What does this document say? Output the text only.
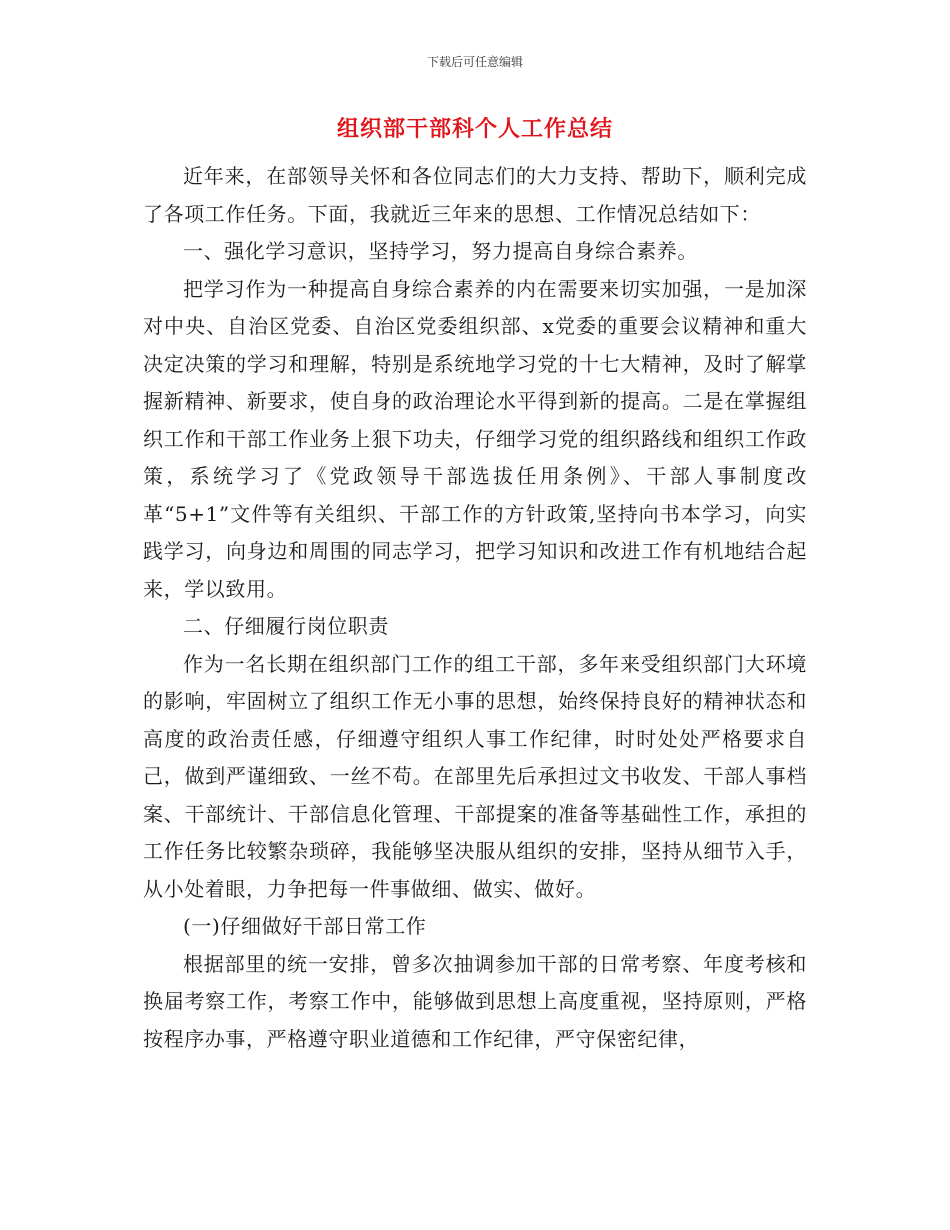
下载后可任意编辑
组织部干部科个人工作总结

近年来，在部领导关怀和各位同志们的大力支持、帮助下，顺利完成了各项工作任务。下面，我就近三年来的思想、工作情况总结如下：

一、强化学习意识，坚持学习，努力提高自身综合素养。

把学习作为一种提高自身综合素养的内在需要来切实加强，一是加深对中央、自治区党委、自治区党委组织部、x党委的重要会议精神和重大决定决策的学习和理解，特别是系统地学习党的十七大精神，及时了解掌握新精神、新要求，使自身的政治理论水平得到新的提高。二是在掌握组织工作和干部工作业务上狠下功夫，仔细学习党的组织路线和组织工作政策，系统学习了《党政领导干部选拔任用条例》、干部人事制度改革“5+1”文件等有关组织、干部工作的方针政策,坚持向书本学习，向实践学习，向身边和周围的同志学习，把学习知识和改进工作有机地结合起来，学以致用。

二、仔细履行岗位职责

作为一名长期在组织部门工作的组工干部，多年来受组织部门大环境的影响，牢固树立了组织工作无小事的思想，始终保持良好的精神状态和高度的政治责任感，仔细遵守组织人事工作纪律，时时处处严格要求自己，做到严谨细致、一丝不苟。在部里先后承担过文书收发、干部人事档案、干部统计、干部信息化管理、干部提案的准备等基础性工作，承担的工作任务比较繁杂琐碎，我能够坚决服从组织的安排，坚持从细节入手，从小处着眼，力争把每一件事做细、做实、做好。

(一)仔细做好干部日常工作

根据部里的统一安排，曾多次抽调参加干部的日常考察、年度考核和换届考察工作，考察工作中，能够做到思想上高度重视，坚持原则，严格按程序办事，严格遵守职业道德和工作纪律，严守保密纪律，
